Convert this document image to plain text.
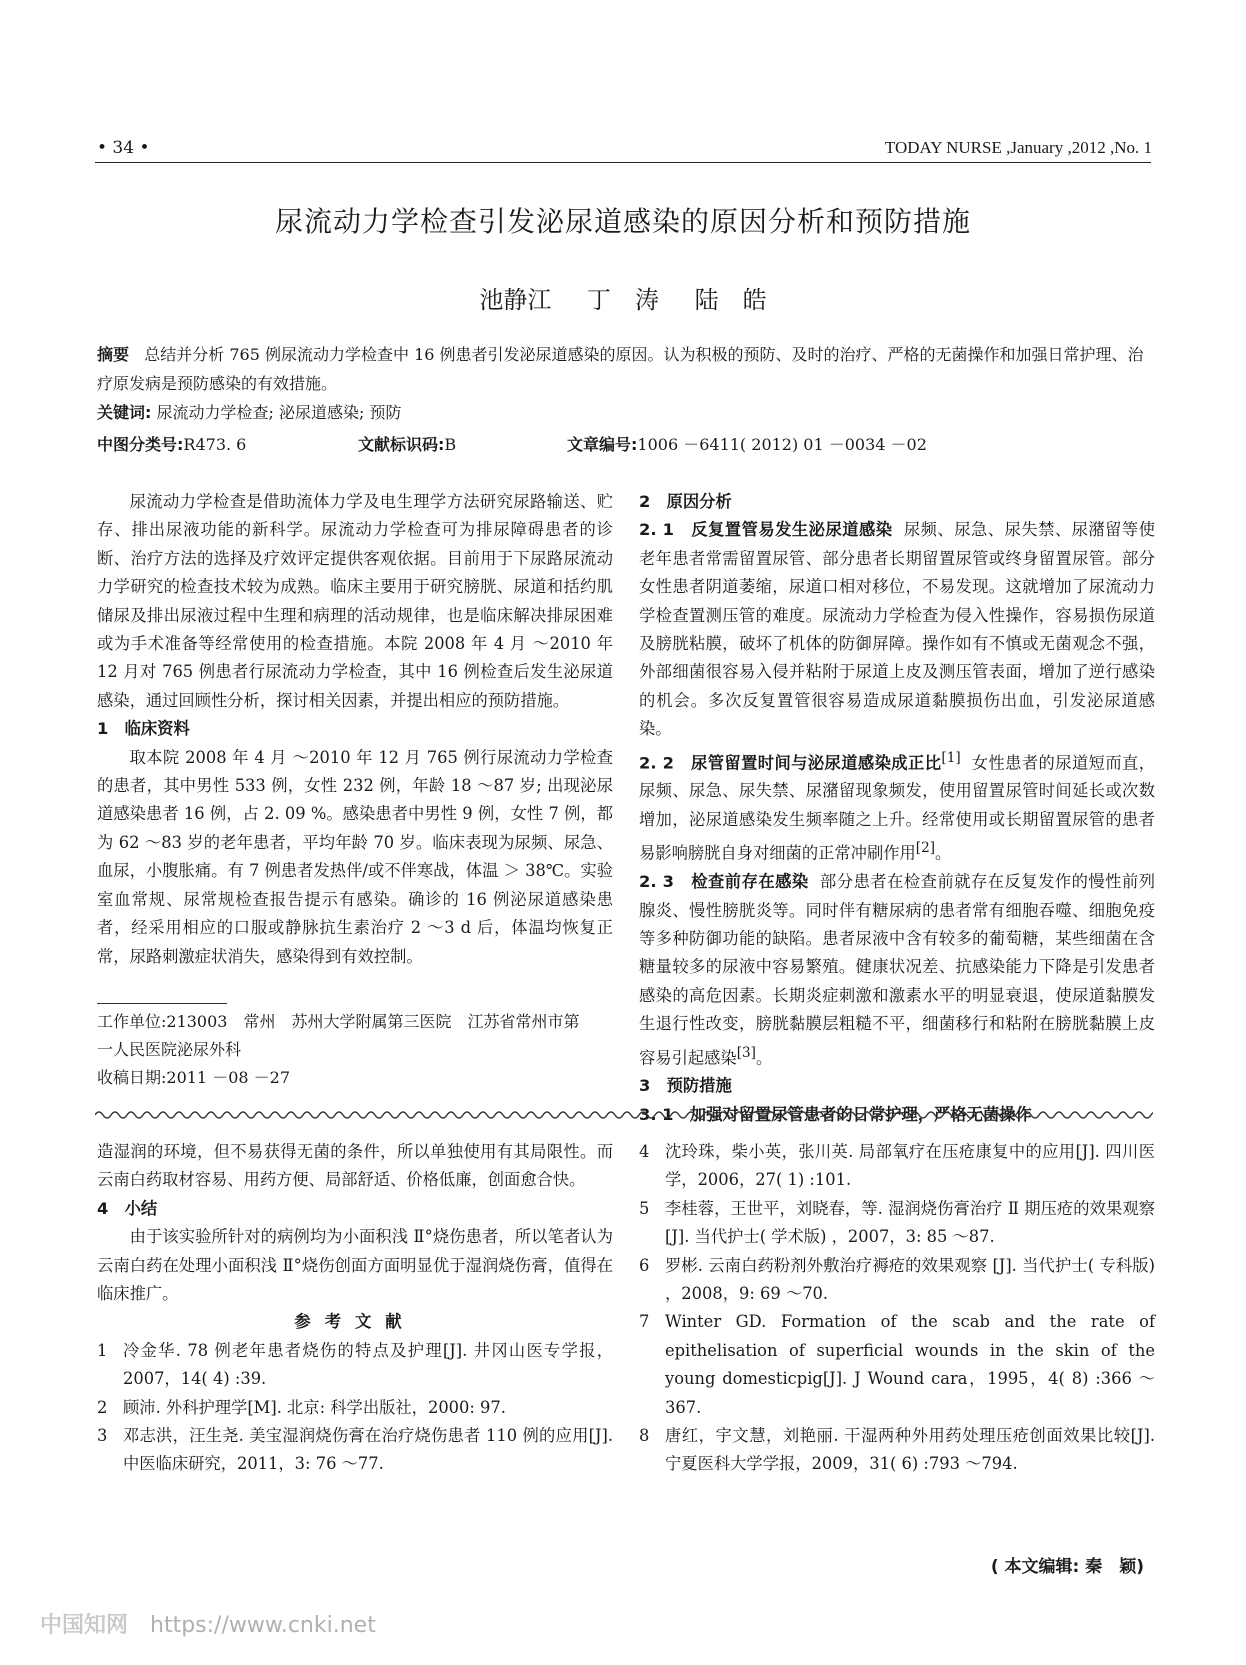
• 34 •	TODAY NURSE ,January ,2012 ,No. 1
尿流动力学检查引发泌尿道感染的原因分析和预防措施
池静江 丁　涛 陆　皓
摘要 总结并分析 765 例尿流动力学检查中 16 例患者引发泌尿道感染的原因。认为积极的预防、及时的治疗、严格的无菌操作和加强日常护理、治疗原发病是预防感染的有效措施。
关键词: 尿流动力学检查; 泌尿道感染; 预防
中图分类号:R473. 6	文献标识码:B	文章编号:1006 －6411( 2012) 01 －0034 －02

尿流动力学检查是借助流体力学及电生理学方法研究尿路输送、贮存、排出尿液功能的新科学。尿流动力学检查可为排尿障碍患者的诊断、治疗方法的选择及疗效评定提供客观依据。目前用于下尿路尿流动力学研究的检查技术较为成熟。临床主要用于研究膀胱、尿道和括约肌储尿及排出尿液过程中生理和病理的活动规律，也是临床解决排尿困难或为手术准备等经常使用的检查措施。本院 2008 年 4 月 ～2010 年 12 月对 765 例患者行尿流动力学检查，其中 16 例检查后发生泌尿道感染，通过回顾性分析，探讨相关因素，并提出相应的预防措施。

1　临床资料

取本院 2008 年 4 月 ～2010 年 12 月 765 例行尿流动力学检查的患者，其中男性 533 例，女性 232 例，年龄 18 ～87 岁; 出现泌尿道感染患者 16 例，占 2. 09 %。感染患者中男性 9 例，女性 7 例，都为 62 ～83 岁的老年患者，平均年龄 70 岁。临床表现为尿频、尿急、血尿，小腹胀痛。有 7 例患者发热伴/或不伴寒战，体温 ＞ 38℃。实验室血常规、尿常规检查报告提示有感染。确诊的 16 例泌尿道感染患者，经采用相应的口服或静脉抗生素治疗 2 ～3 d 后，体温均恢复正常，尿路刺激症状消失，感染得到有效控制。

工作单位:213003　常州　苏州大学附属第三医院　江苏省常州市第一人民医院泌尿外科
收稿日期:2011 －08 －27

2　原因分析

2. 1　反复置管易发生泌尿道感染 尿频、尿急、尿失禁、尿潴留等使老年患者常需留置尿管、部分患者长期留置尿管或终身留置尿管。部分女性患者阴道萎缩，尿道口相对移位，不易发现。这就增加了尿流动力学检查置测压管的难度。尿流动力学检查为侵入性操作，容易损伤尿道及膀胱粘膜，破坏了机体的防御屏障。操作如有不慎或无菌观念不强，外部细菌很容易入侵并粘附于尿道上皮及测压管表面，增加了逆行感染的机会。多次反复置管很容易造成尿道黏膜损伤出血，引发泌尿道感染。

2. 2　尿管留置时间与泌尿道感染成正比[1] 女性患者的尿道短而直，尿频、尿急、尿失禁、尿潴留现象频发，使用留置尿管时间延长或次数增加，泌尿道感染发生频率随之上升。经常使用或长期留置尿管的患者易影响膀胱自身对细菌的正常冲刷作用[2]。

2. 3　检查前存在感染 部分患者在检查前就存在反复发作的慢性前列腺炎、慢性膀胱炎等。同时伴有糖尿病的患者常有细胞吞噬、细胞免疫等多种防御功能的缺陷。患者尿液中含有较多的葡萄糖，某些细菌在含糖量较多的尿液中容易繁殖。健康状况差、抗感染能力下降是引发患者感染的高危因素。长期炎症刺激和激素水平的明显衰退，使尿道黏膜发生退行性改变，膀胱黏膜层粗糙不平，细菌移行和粘附在膀胱黏膜上皮容易引起感染[3]。

3　预防措施

3. 1　加强对留置尿管患者的日常护理，严格无菌操作

造湿润的环境，但不易获得无菌的条件，所以单独使用有其局限性。而云南白药取材容易、用药方便、局部舒适、价格低廉，创面愈合快。

4　小结

由于该实验所针对的病例均为小面积浅 Ⅱ°烧伤患者，所以笔者认为云南白药在处理小面积浅 Ⅱ°烧伤创面方面明显优于湿润烧伤膏，值得在临床推广。

参考文献

1 冷金华. 78 例老年患者烧伤的特点及护理[J]. 井冈山医专学报，2007，14( 4) :39.
2 顾沛. 外科护理学[M]. 北京: 科学出版社，2000: 97.
3 邓志洪，汪生尧. 美宝湿润烧伤膏在治疗烧伤患者 110 例的应用[J]. 中医临床研究，2011，3: 76 ～77.
4 沈玲珠，柴小英，张川英. 局部氧疗在压疮康复中的应用[J]. 四川医学，2006，27( 1) :101.
5 李桂蓉，王世平，刘晓春，等. 湿润烧伤膏治疗 Ⅱ 期压疮的效果观察[J]. 当代护士( 学术版) ，2007，3: 85 ～87.
6 罗彬. 云南白药粉剂外敷治疗褥疮的效果观察 [J]. 当代护士( 专科版) ，2008，9: 69 ～70.
7 Winter GD. Formation of the scab and the rate of epithelisation of superficial wounds in the skin of the young domesticpig[J]. J Wound cara，1995，4( 8) :366 ～367.
8 唐红，宇文慧，刘艳丽. 干湿两种外用药处理压疮创面效果比较[J]. 宁夏医科大学学报，2009，31( 6) :793 ～794.
( 本文编辑: 秦　颖)
中国知网 https://www.cnki.net
